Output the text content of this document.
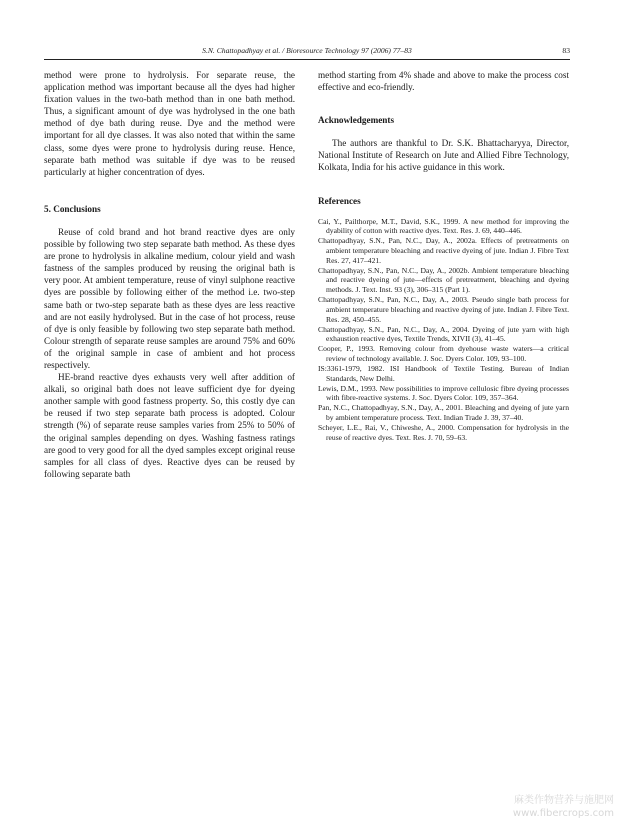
S.N. Chattopadhyay et al. / Bioresource Technology 97 (2006) 77–83	83

method were prone to hydrolysis. For separate reuse, the application method was important because all the dyes had higher fixation values in the two-bath method than in one bath method. Thus, a significant amount of dye was hydrolysed in the one bath method of dye bath during reuse. Dye and the method were important for all dye classes. It was also noted that within the same class, some dyes were prone to hydrolysis during reuse. Hence, separate bath method was suitable if dye was to be reused particularly at higher concentration of dyes.

5. Conclusions

Reuse of cold brand and hot brand reactive dyes are only possible by following two step separate bath method. As these dyes are prone to hydrolysis in alkaline medium, colour yield and wash fastness of the samples produced by reusing the original bath is very poor. At ambient temperature, reuse of vinyl sulphone reactive dyes are possible by following either of the method i.e. two-step same bath or two-step separate bath as these dyes are less reactive and are not easily hydrolysed. But in the case of hot process, reuse of dye is only feasible by following two step separate bath method. Colour strength of separate reuse samples are around 75% and 60% of the original sample in case of ambient and hot process respectively.

HE-brand reactive dyes exhausts very well after addition of alkali, so original bath does not leave sufficient dye for dyeing another sample with good fastness property. So, this costly dye can be reused if two step separate bath process is adopted. Colour strength (%) of separate reuse samples varies from 25% to 50% of the original samples depending on dyes. Washing fastness ratings are good to very good for all the dyed samples except original reuse samples for all class of dyes. Reactive dyes can be reused by following separate bath

method starting from 4% shade and above to make the process cost effective and eco-friendly.

Acknowledgements

The authors are thankful to Dr. S.K. Bhattacharyya, Director, National Institute of Research on Jute and Allied Fibre Technology, Kolkata, India for his active guidance in this work.

References
Cai, Y., Pailthorpe, M.T., David, S.K., 1999. A new method for improving the dyability of cotton with reactive dyes. Text. Res. J. 69, 440–446.
Chattopadhyay, S.N., Pan, N.C., Day, A., 2002a. Effects of pretreatments on ambient temperature bleaching and reactive dyeing of jute. Indian J. Fibre Text Res. 27, 417–421.
Chattopadhyay, S.N., Pan, N.C., Day, A., 2002b. Ambient temperature bleaching and reactive dyeing of jute—effects of pretreatment, bleaching and dyeing methods. J. Text. Inst. 93 (3), 306–315 (Part 1).
Chattopadhyay, S.N., Pan, N.C., Day, A., 2003. Pseudo single bath process for ambient temperature bleaching and reactive dyeing of jute. Indian J. Fibre Text. Res. 28, 450–455.
Chattopadhyay, S.N., Pan, N.C., Day, A., 2004. Dyeing of jute yarn with high exhaustion reactive dyes, Textile Trends, XIVII (3), 41–45.
Cooper, P., 1993. Removing colour from dyehouse waste waters—a critical review of technology available. J. Soc. Dyers Color. 109, 93–100.
IS:3361-1979, 1982. ISI Handbook of Textile Testing. Bureau of Indian Standards, New Delhi.
Lewis, D.M., 1993. New possibilities to improve cellulosic fibre dyeing processes with fibre-reactive systems. J. Soc. Dyers Color. 109, 357–364.
Pan, N.C., Chattopadhyay, S.N., Day, A., 2001. Bleaching and dyeing of jute yarn by ambient temperature process. Text. Indian Trade J. 39, 37–40.
Scheyer, L.E., Rai, V., Chiweshe, A., 2000. Compensation for hydrolysis in the reuse of reactive dyes. Text. Res. J. 70, 59–63.
麻类作物营养与施肥网
www.fibercrops.com
